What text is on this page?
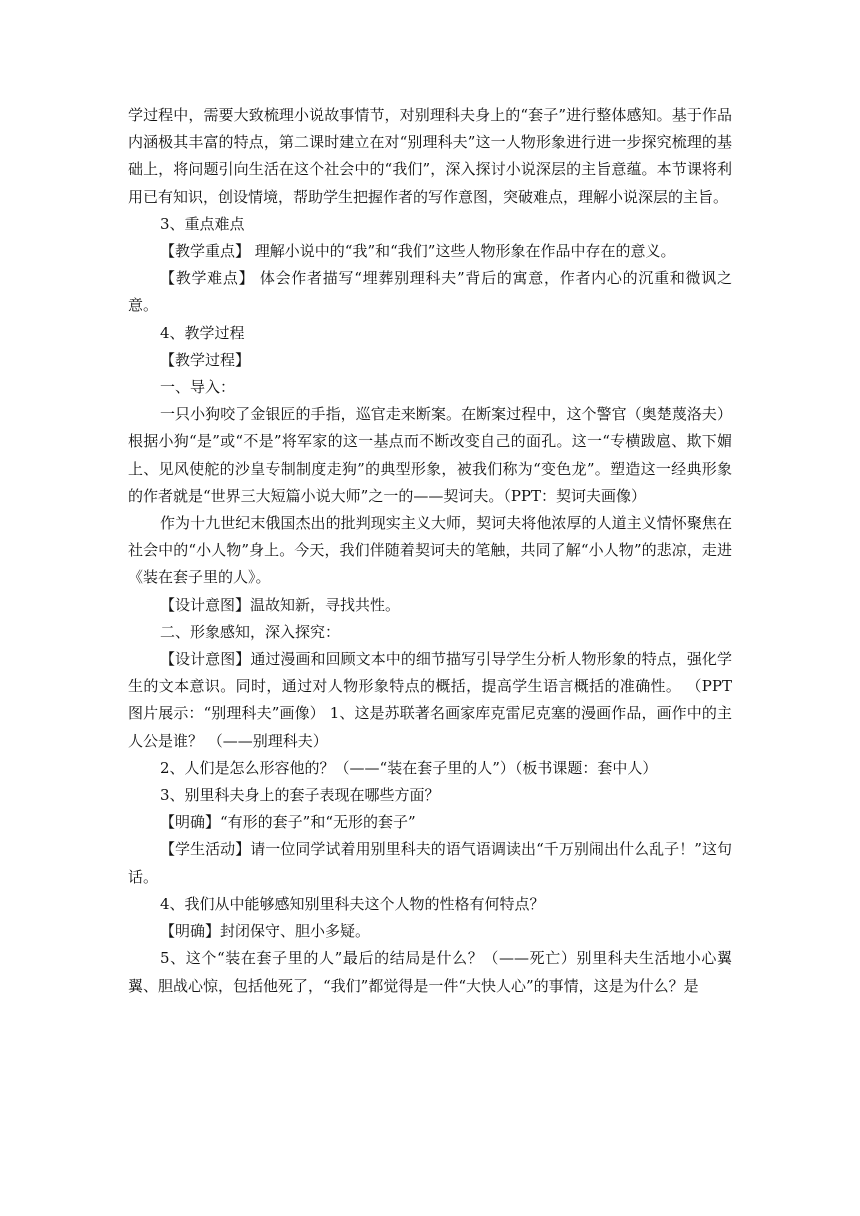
学过程中，需要大致梳理小说故事情节，对别理科夫身上的“套子”进行整体感知。基于作品内涵极其丰富的特点，第二课时建立在对“别理科夫”这一人物形象进行进一步探究梳理的基础上，将问题引向生活在这个社会中的“我们”，深入探讨小说深层的主旨意蕴。本节课将利用已有知识，创设情境，帮助学生把握作者的写作意图，突破难点，理解小说深层的主旨。

3、重点难点

【教学重点】 理解小说中的“我”和“我们”这些人物形象在作品中存在的意义。

【教学难点】 体会作者描写“埋葬别理科夫”背后的寓意，作者内心的沉重和微讽之意。

4、教学过程

【教学过程】

一、导入：

一只小狗咬了金银匠的手指，巡官走来断案。在断案过程中，这个警官（奥楚蔑洛夫）根据小狗“是”或“不是”将军家的这一基点而不断改变自己的面孔。这一“专横跋扈、欺下媚上、见风使舵的沙皇专制制度走狗”的典型形象，被我们称为“变色龙”。塑造这一经典形象的作者就是“世界三大短篇小说大师”之一的——契诃夫。（PPT：契诃夫画像）

作为十九世纪末俄国杰出的批判现实主义大师，契诃夫将他浓厚的人道主义情怀聚焦在社会中的“小人物”身上。今天，我们伴随着契诃夫的笔触，共同了解“小人物”的悲凉，走进《装在套子里的人》。

【设计意图】温故知新，寻找共性。

二、形象感知，深入探究：

【设计意图】通过漫画和回顾文本中的细节描写引导学生分析人物形象的特点，强化学生的文本意识。同时，通过对人物形象特点的概括，提高学生语言概括的准确性。 （PPT图片展示：“别理科夫”画像） 1、这是苏联著名画家库克雷尼克塞的漫画作品，画作中的主人公是谁？ （——别理科夫）

2、人们是怎么形容他的？（——“装在套子里的人”）（板书课题：套中人）

3、别里科夫身上的套子表现在哪些方面？

【明确】“有形的套子”和“无形的套子”

【学生活动】请一位同学试着用别里科夫的语气语调读出“千万别闹出什么乱子！”这句话。

4、我们从中能够感知别里科夫这个人物的性格有何特点？

【明确】封闭保守、胆小多疑。

5、这个“装在套子里的人”最后的结局是什么？（——死亡）别里科夫生活地小心翼翼、胆战心惊，包括他死了，“我们”都觉得是一件“大快人心”的事情，这是为什么？是
